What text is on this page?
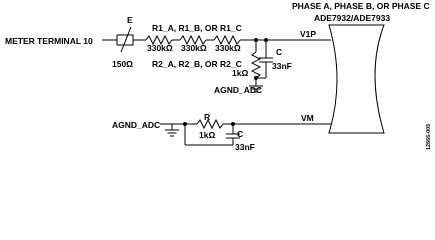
PHASE A, PHASE B, OR PHASE C
ADE7932/ADE7933
METER TERMINAL 10
E
150Ω
R1_A, R1_B, OR R1_C
330kΩ 330kΩ 330kΩ
R2_A, R2_B, OR R2_C
1kΩ
C
33nF
AGND_ADC
V1P
AGND_ADC
R
1kΩ	C
33nF
VM
12666-005
